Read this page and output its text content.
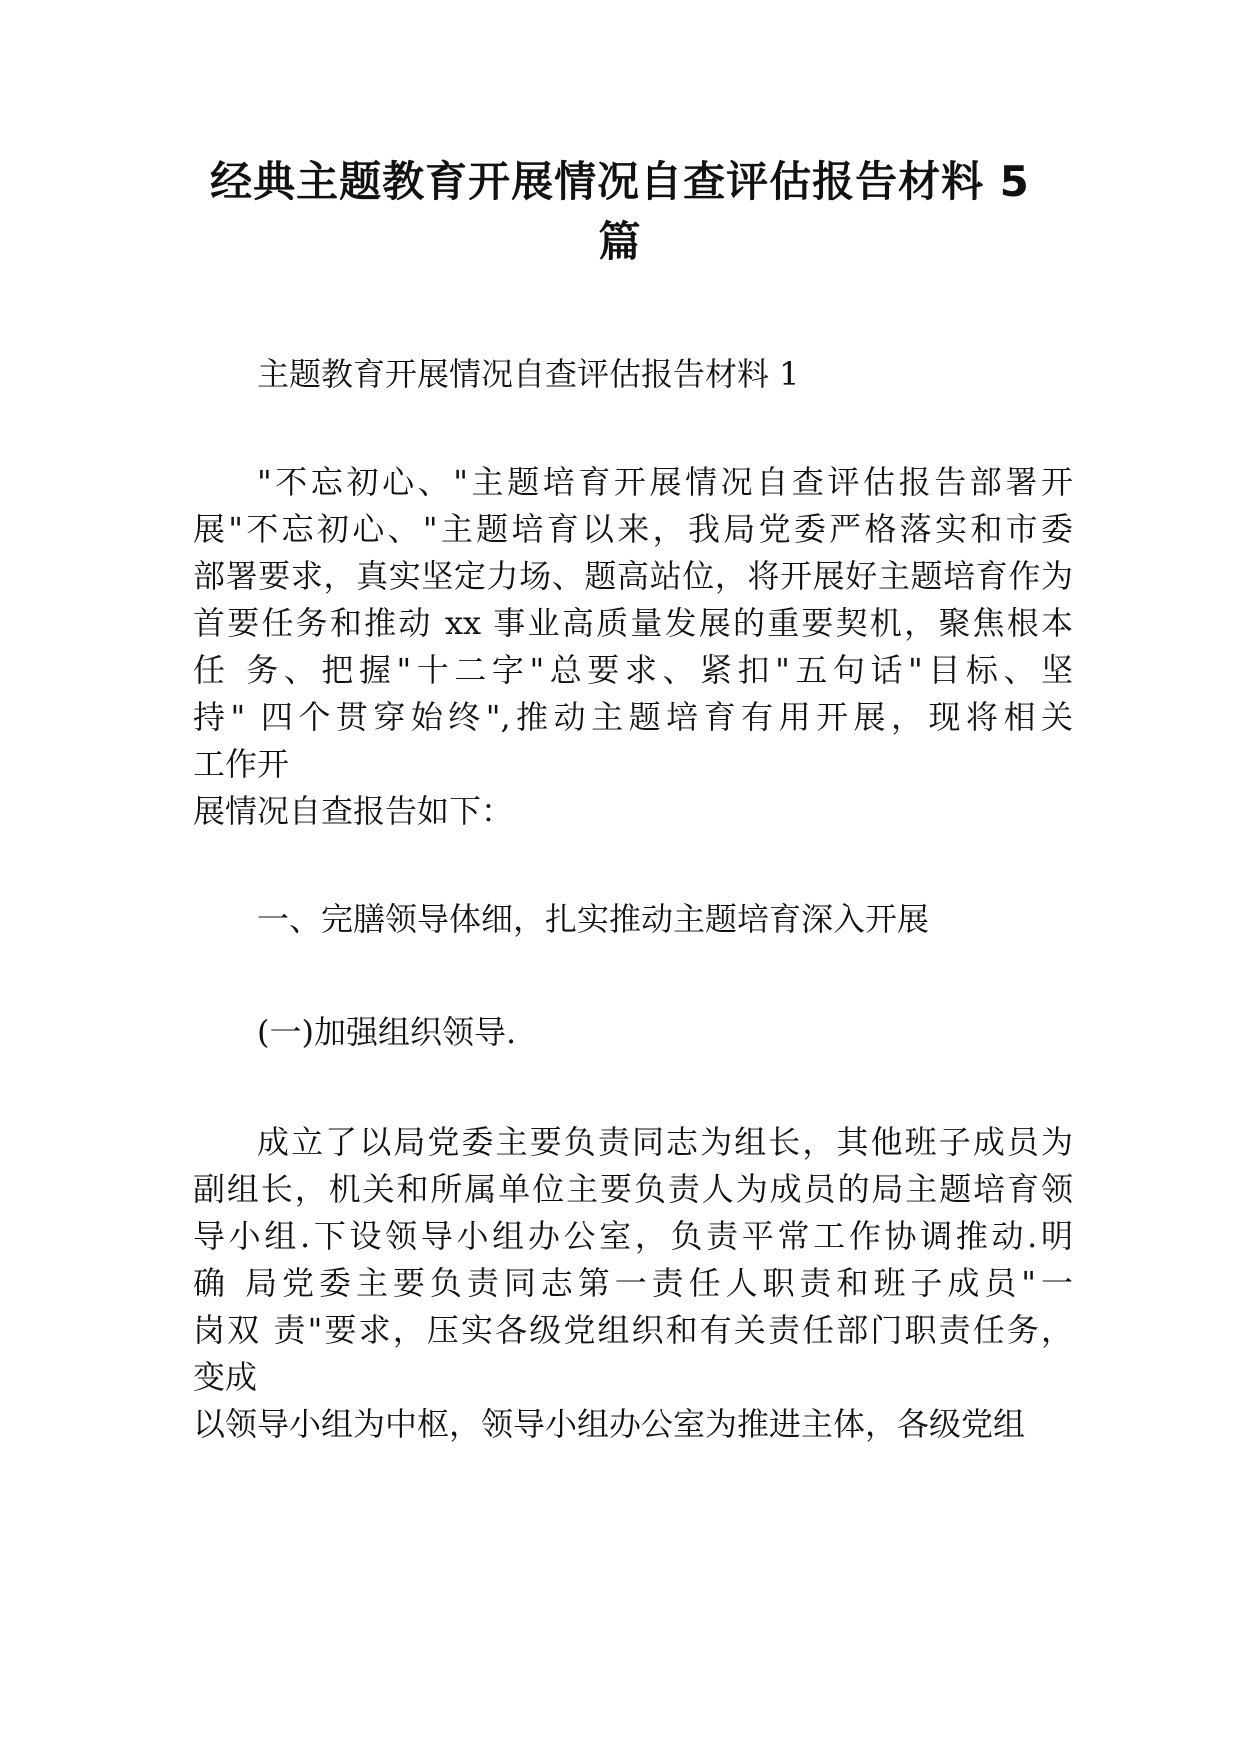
经典主题教育开展情况自查评估报告材料 5
篇
主题教育开展情况自查评估报告材料 1
"不忘初心、"主题培育开展情况自查评估报告部署开
展"不忘初心、"主题培育以来，我局党委严格落实和市委
部署要求，真实坚定力场、题高站位，将开展好主题培育作为
首要任务和推动 xx 事业高质量发展的重要契机，聚焦根本
任 务、把握"十二字"总要求、紧扣"五句话"目标、坚
持" 四个贯穿始终",推动主题培育有用开展，现将相关
工作开
展情况自查报告如下：
一、完膳领导体细，扎实推动主题培育深入开展
(一)加强组织领导.
成立了以局党委主要负责同志为组长，其他班子成员为
副组长，机关和所属单位主要负责人为成员的局主题培育领
导小组.下设领导小组办公室，负责平常工作协调推动.明
确 局党委主要负责同志第一责任人职责和班子成员"一
岗双 责"要求，压实各级党组织和有关责任部门职责任务，
变成
以领导小组为中枢，领导小组办公室为推进主体，各级党组
